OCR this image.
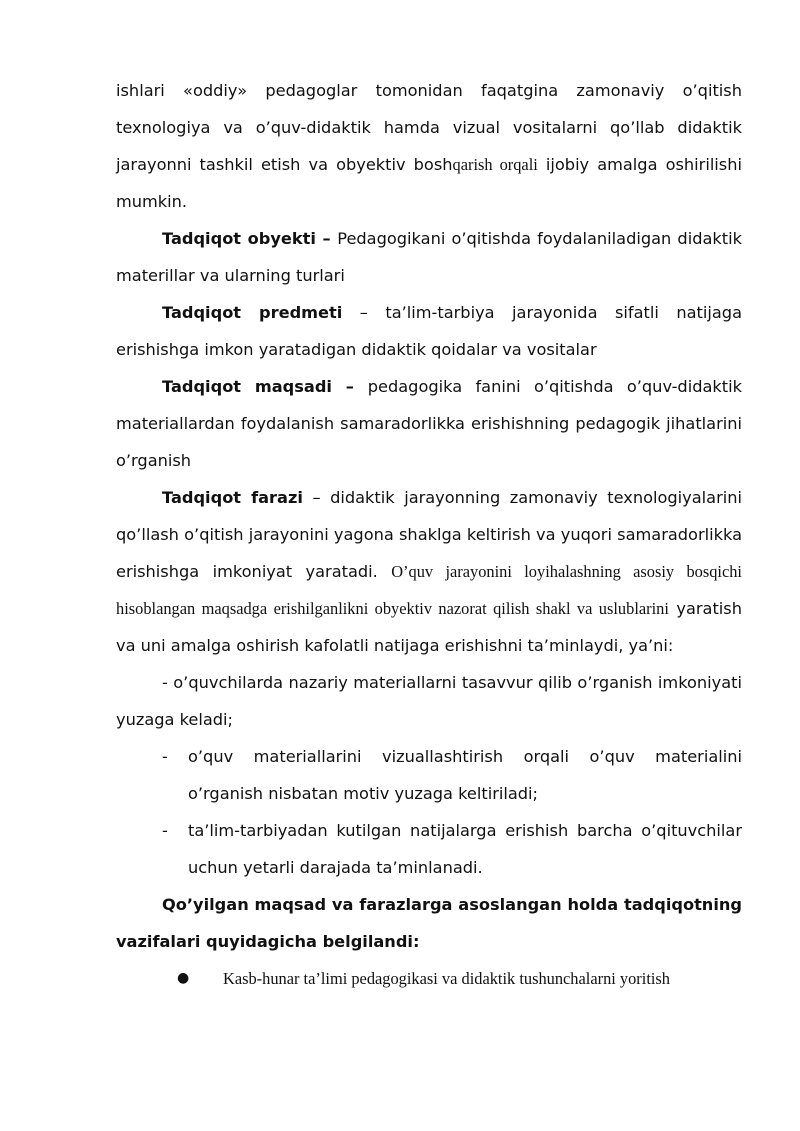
ishlari «oddiy» pedagoglar tomonidan faqatgina zamonaviy o’qitish texnologiya va o’quv-didaktik hamda vizual vositalarni qo’llab didaktik jarayonni tashkil etish va obyektiv boshqarish orqali ijobiy amalga oshirilishi mumkin.

Tadqiqot obyekti – Pedagogikani o’qitishda foydalaniladigan didaktik materillar va ularning turlari

Tadqiqot predmeti – ta’lim-tarbiya jarayonida sifatli natijaga erishishga imkon yaratadigan didaktik qoidalar va vositalar

Tadqiqot maqsadi – pedagogika fanini o’qitishda o’quv-didaktik materiallardan foydalanish samaradorlikka erishishning pedagogik jihatlarini o’rganish

Tadqiqot farazi – didaktik jarayonning zamonaviy texnologiyalarini qo’llash o’qitish jarayonini yagona shaklga keltirish va yuqori samaradorlikka erishishga imkoniyat yaratadi. O’quv jarayonini loyihalashning asosiy bosqichi hisoblangan maqsadga erishilganlikni obyektiv nazorat qilish shakl va uslublarini yaratish va uni amalga oshirish kafolatli natijaga erishishni ta’minlaydi, ya’ni:

- o’quvchilarda nazariy materiallarni tasavvur qilib o’rganish imkoniyati yuzaga keladi;

- o’quv materiallarini vizuallashtirish orqali o’quv materialini o’rganish nisbatan motiv yuzaga keltiriladi;

- ta’lim-tarbiyadan kutilgan natijalarga erishish barcha o’qituvchilar uchun yetarli darajada ta’minlanadi.

Qo’yilgan maqsad va farazlarga asoslangan holda tadqiqotning vazifalari quyidagicha belgilandi:

● Kasb-hunar ta’limi pedagogikasi va didaktik tushunchalarni yoritish
